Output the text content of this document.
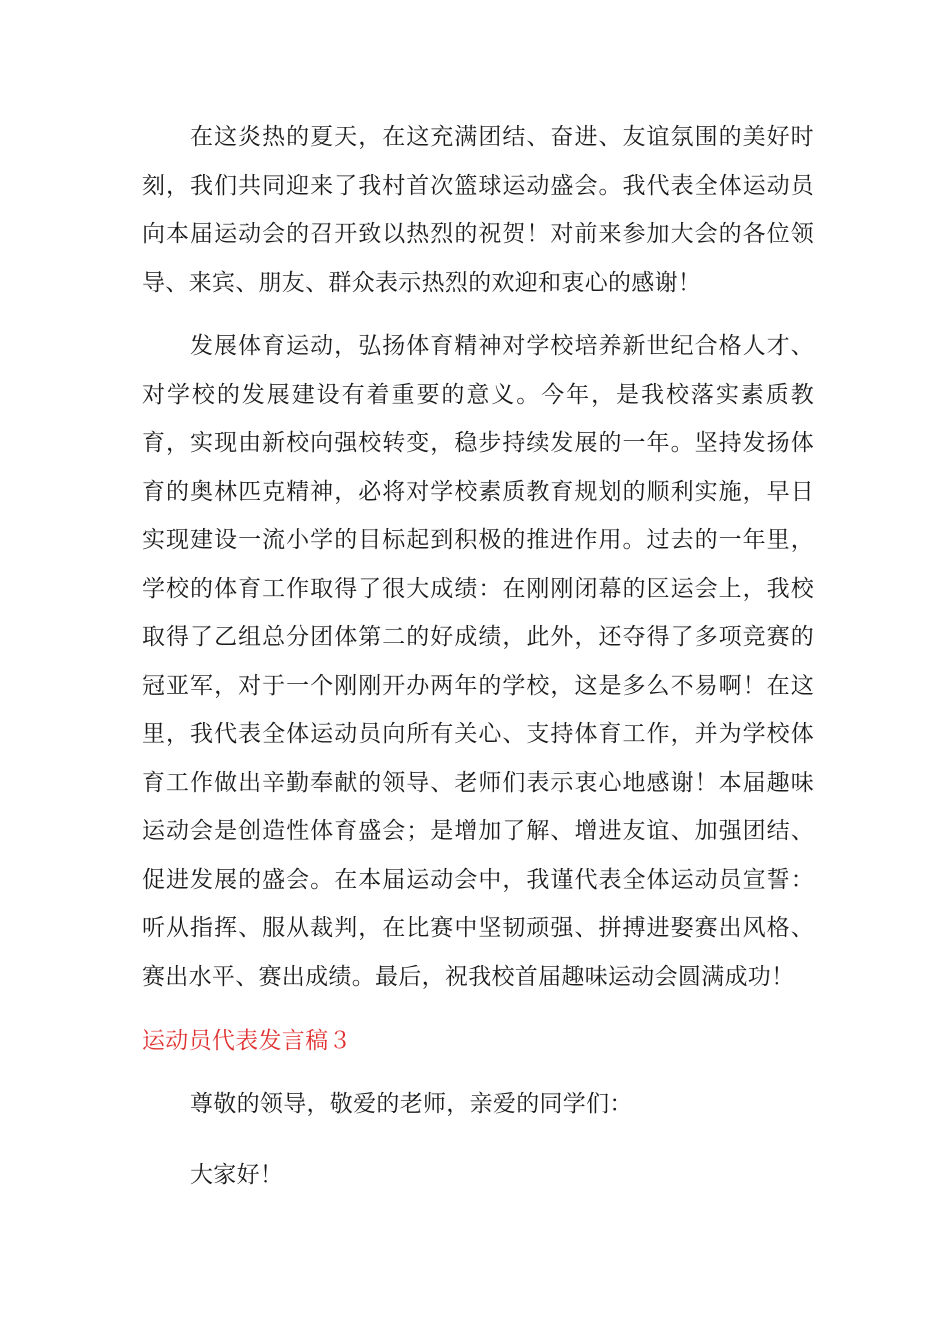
在这炎热的夏天，在这充满团结、奋进、友谊氛围的美好时刻，我们共同迎来了我村首次篮球运动盛会。我代表全体运动员向本届运动会的召开致以热烈的祝贺！对前来参加大会的各位领导、来宾、朋友、群众表示热烈的欢迎和衷心的感谢！

发展体育运动，弘扬体育精神对学校培养新世纪合格人才、对学校的发展建设有着重要的意义。今年，是我校落实素质教育，实现由新校向强校转变，稳步持续发展的一年。坚持发扬体育的奥林匹克精神，必将对学校素质教育规划的顺利实施，早日实现建设一流小学的目标起到积极的推进作用。过去的一年里，学校的体育工作取得了很大成绩：在刚刚闭幕的区运会上，我校取得了乙组总分团体第二的好成绩，此外，还夺得了多项竞赛的冠亚军，对于一个刚刚开办两年的学校，这是多么不易啊！在这里，我代表全体运动员向所有关心、支持体育工作，并为学校体育工作做出辛勤奉献的领导、老师们表示衷心地感谢！本届趣味运动会是创造性体育盛会；是增加了解、增进友谊、加强团结、促进发展的盛会。在本届运动会中，我谨代表全体运动员宣誓：听从指挥、服从裁判，在比赛中坚韧顽强、拼搏进娶赛出风格、赛出水平、赛出成绩。最后，祝我校首届趣味运动会圆满成功！

运动员代表发言稿３

尊敬的领导，敬爱的老师，亲爱的同学们：

大家好！
